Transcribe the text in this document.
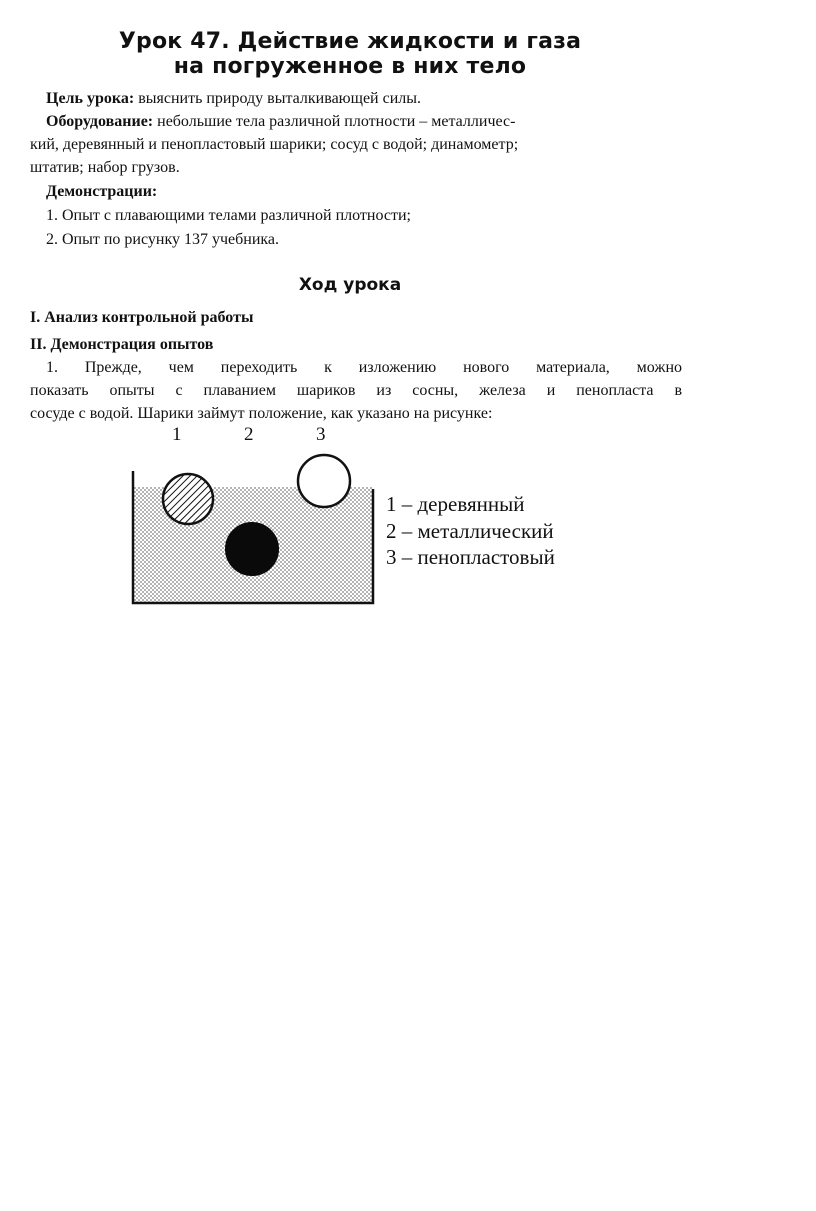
Урок 47. Действие жидкости и газа
на погруженное в них тело
Цель урока: выяснить природу выталкивающей силы.
Оборудование: небольшие тела различной плотности – металличес-
кий, деревянный и пенопластовый шарики; сосуд с водой; динамометр;
штатив; набор грузов.
Демонстрации:
1. Опыт с плавающими телами различной плотности;
2. Опыт по рисунку 137 учебника.
Ход урока
I. Анализ контрольной работы
II. Демонстрация опытов
1. Прежде, чем переходить к изложению нового материала, можно
показать опыты с плаванием шариков из сосны, железа и пенопласта в
сосуде с водой. Шарики займут положение, как указано на рисунке:
1	2	3
1 – деревянный
2 – металлический
3 – пенопластовый
